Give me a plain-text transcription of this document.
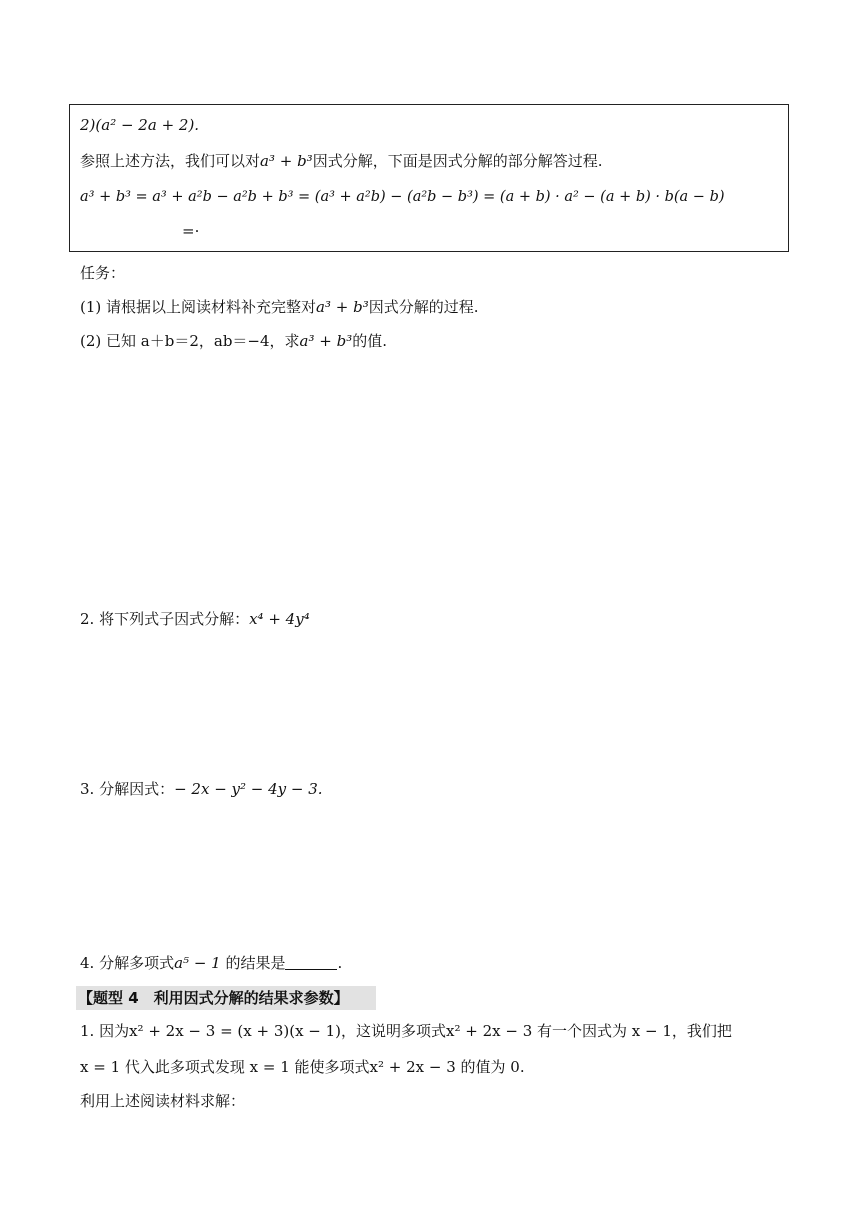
2)(a² − 2a + 2).
参照上述方法，我们可以对a³ + b³因式分解，下面是因式分解的部分解答过程.
a³ + b³ = a³ + a²b − a²b + b³ = (a³ + a²b) − (a²b − b³) = (a + b) · a² − (a + b) · b(a − b)
=·
任务：
(1) 请根据以上阅读材料补充完整对a³ + b³因式分解的过程.
(2) 已知 a＋b＝2，ab＝−4，求a³ + b³的值.
2. 将下列式子因式分解：x⁴ + 4y⁴
3. 分解因式：− 2x − y² − 4y − 3.
4. 分解多项式a⁵ − 1 的结果是	.
【题型 4　利用因式分解的结果求参数】
1. 因为x² + 2x − 3 = (x + 3)(x − 1)，这说明多项式x² + 2x − 3 有一个因式为 x − 1，我们把
x = 1 代入此多项式发现 x = 1 能使多项式x² + 2x − 3 的值为 0.
利用上述阅读材料求解：
